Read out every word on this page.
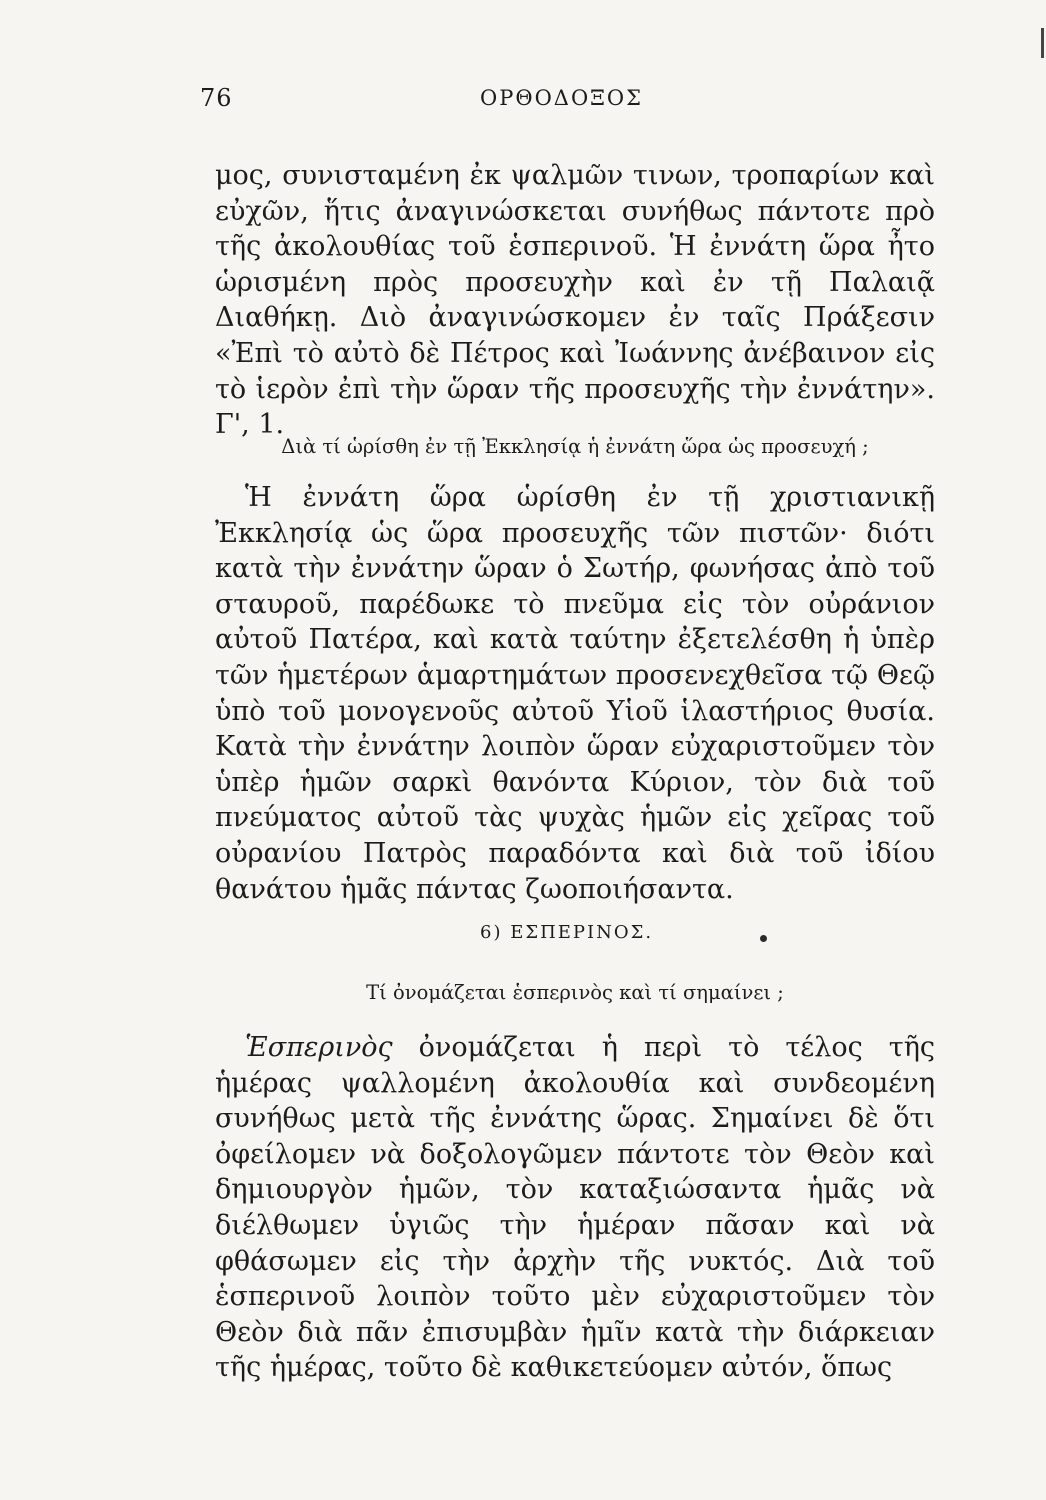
76	ΟΡΘΟΔΟΞΟΣ

μος, συνισταμένη ἐκ ψαλμῶν τινων, τροπαρίων καὶ εὐχῶν, ἥτις ἀναγινώσκεται συνήθως πάντοτε πρὸ τῆς ἀκολουθίας τοῦ ἑσπερινοῦ. Ἡ ἐννάτη ὥρα ἦτο ὡρισμένη πρὸς προσευχὴν καὶ ἐν τῇ Παλαιᾷ Διαθήκῃ. Διὸ ἀναγινώσκομεν ἐν ταῖς Πράξεσιν «Ἐπὶ τὸ αὐτὸ δὲ Πέτρος καὶ Ἰωάννης ἀνέβαινον εἰς τὸ ἱερὸν ἐπὶ τὴν ὥραν τῆς προσευχῆς τὴν ἐννάτην». Γ', 1.

Διὰ τί ὡρίσθη ἐν τῇ Ἐκκλησίᾳ ἡ ἐννάτη ὥρα ὡς προσευχή ;

Ἡ ἐννάτη ὥρα ὡρίσθη ἐν τῇ χριστιανικῇ Ἐκκλησίᾳ ὡς ὥρα προσευχῆς τῶν πιστῶν· διότι κατὰ τὴν ἐννάτην ὥραν ὁ Σωτήρ, φωνήσας ἀπὸ τοῦ σταυροῦ, παρέδωκε τὸ πνεῦμα εἰς τὸν οὐράνιον αὐτοῦ Πατέρα, καὶ κατὰ ταύτην ἐξετελέσθη ἡ ὑπὲρ τῶν ἡμετέρων ἁμαρτημάτων προσενεχθεῖσα τῷ Θεῷ ὑπὸ τοῦ μονογενοῦς αὐτοῦ Υἱοῦ ἱλαστήριος θυσία. Κατὰ τὴν ἐννάτην λοιπὸν ὥραν εὐχαριστοῦμεν τὸν ὑπὲρ ἡμῶν σαρκὶ θανόντα Κύριον, τὸν διὰ τοῦ πνεύματος αὐτοῦ τὰς ψυχὰς ἡμῶν εἰς χεῖρας τοῦ οὐρανίου Πατρὸς παραδόντα καὶ διὰ τοῦ ἰδίου θανάτου ἡμᾶς πάντας ζωοποιήσαντα.

6) ΕΣΠΕΡΙΝΟΣ.

Τί ὀνομάζεται ἑσπερινὸς καὶ τί σημαίνει ;

Ἑσπερινὸς ὀνομάζεται ἡ περὶ τὸ τέλος τῆς ἡμέρας ψαλλομένη ἀκολουθία καὶ συνδεομένη συνήθως μετὰ τῆς ἐννάτης ὥρας. Σημαίνει δὲ ὅτι ὀφείλομεν νὰ δοξολογῶμεν πάντοτε τὸν Θεὸν καὶ δημιουργὸν ἡμῶν, τὸν καταξιώσαντα ἡμᾶς νὰ διέλθωμεν ὑγιῶς τὴν ἡμέραν πᾶσαν καὶ νὰ φθάσωμεν εἰς τὴν ἀρχὴν τῆς νυκτός. Διὰ τοῦ ἑσπερινοῦ λοιπὸν τοῦτο μὲν εὐχαριστοῦμεν τὸν Θεὸν διὰ πᾶν ἐπισυμβὰν ἡμῖν κατὰ τὴν διάρκειαν τῆς ἡμέρας, τοῦτο δὲ καθικετεύομεν αὐτόν, ὅπως
